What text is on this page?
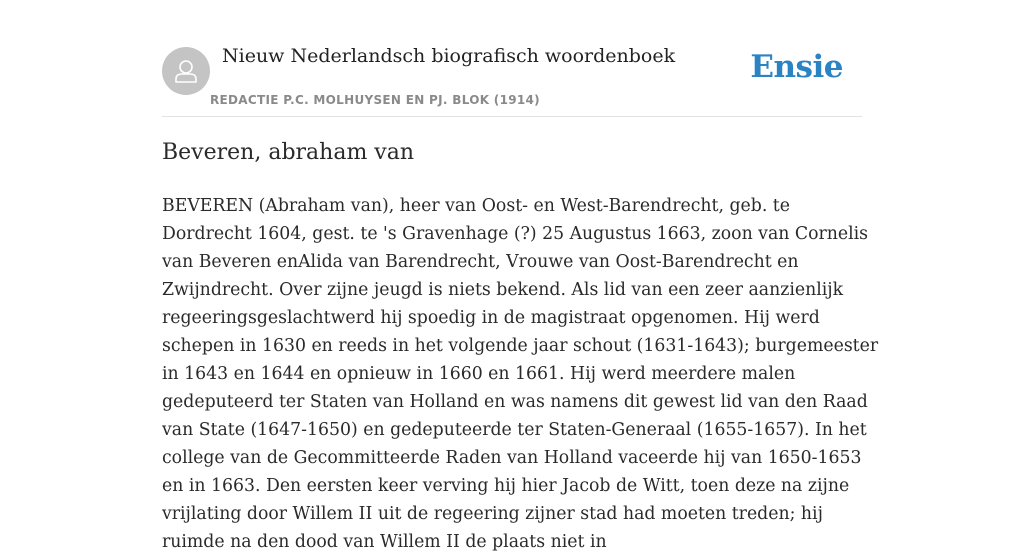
Nieuw Nederlandsch biografisch woordenboek
REDACTIE P.C. MOLHUYSEN EN PJ. BLOK (1914)
Ensie
Beveren, abraham van

BEVEREN (Abraham van), heer van Oost- en West-Barendrecht, geb. te Dordrecht 1604, gest. te 's Gravenhage (?) 25 Augustus 1663, zoon van Cornelis van Beveren enAlida van Barendrecht, Vrouwe van Oost-Barendrecht en Zwijndrecht. Over zijne jeugd is niets bekend. Als lid van een zeer aanzienlijk regeeringsgeslachtwerd hij spoedig in de magistraat opgenomen. Hij werd schepen in 1630 en reeds in het volgende jaar schout (1631-1643); burgemeester in 1643 en 1644 en opnieuw in 1660 en 1661. Hij werd meerdere malen gedeputeerd ter Staten van Holland en was namens dit gewest lid van den Raad van State (1647-1650) en gedeputeerde ter Staten-Generaal (1655-1657). In het college van de Gecommitteerde Raden van Holland vaceerde hij van 1650-1653 en in 1663. Den eersten keer verving hij hier Jacob de Witt, toen deze na zijne vrijlating door Willem II uit de regeering zijner stad had moeten treden; hij ruimde na den dood van Willem II de plaats niet in
